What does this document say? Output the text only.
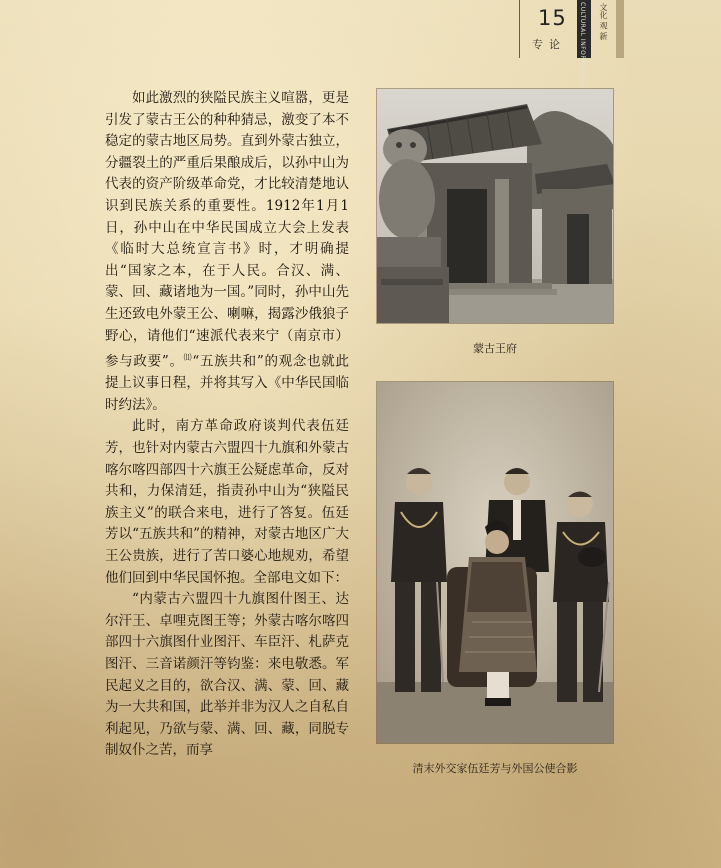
15
专论 CULTURAL INFORMATION 文化 观 新

如此激烈的狭隘民族主义喧嚣，更是引发了蒙古王公的种种猜忌，激变了本不稳定的蒙古地区局势。直到外蒙古独立，分疆裂土的严重后果酿成后，以孙中山为代表的资产阶级革命党，才比较清楚地认识到民族关系的重要性。1912年1月1日，孙中山在中华民国成立大会上发表《临时大总统宣言书》时，才明确提出“国家之本，在于人民。合汉、满、蒙、回、藏诸地为一国。”同时，孙中山先生还致电外蒙王公、喇嘛，揭露沙俄狼子野心，请他们“速派代表来宁（南京市）参与政要”。⑾“五族共和”的观念也就此提上议事日程，并将其写入《中华民国临时约法》。

此时，南方革命政府谈判代表伍廷芳，也针对内蒙古六盟四十九旗和外蒙古喀尔喀四部四十六旗王公疑虑革命，反对共和，力保清廷，指责孙中山为“狭隘民族主义”的联合来电，进行了答复。伍廷芳以“五族共和”的精神，对蒙古地区广大王公贵族，进行了苦口婆心地规劝，希望他们回到中华民国怀抱。全部电文如下：

“内蒙古六盟四十九旗图什图王、达尔汗王、卓哩克图王等；外蒙古喀尔喀四部四十六旗图什业图汗、车臣汗、札萨克图汗、三音诺颜汗等钧鉴：来电敬悉。军民起义之目的，欲合汉、满、蒙、回、藏为一大共和国，此举并非为汉人之自私自利起见，乃欲与蒙、满、回、藏，同脱专制奴仆之苦，而享

蒙古王府
清末外交家伍廷芳与外国公使合影
